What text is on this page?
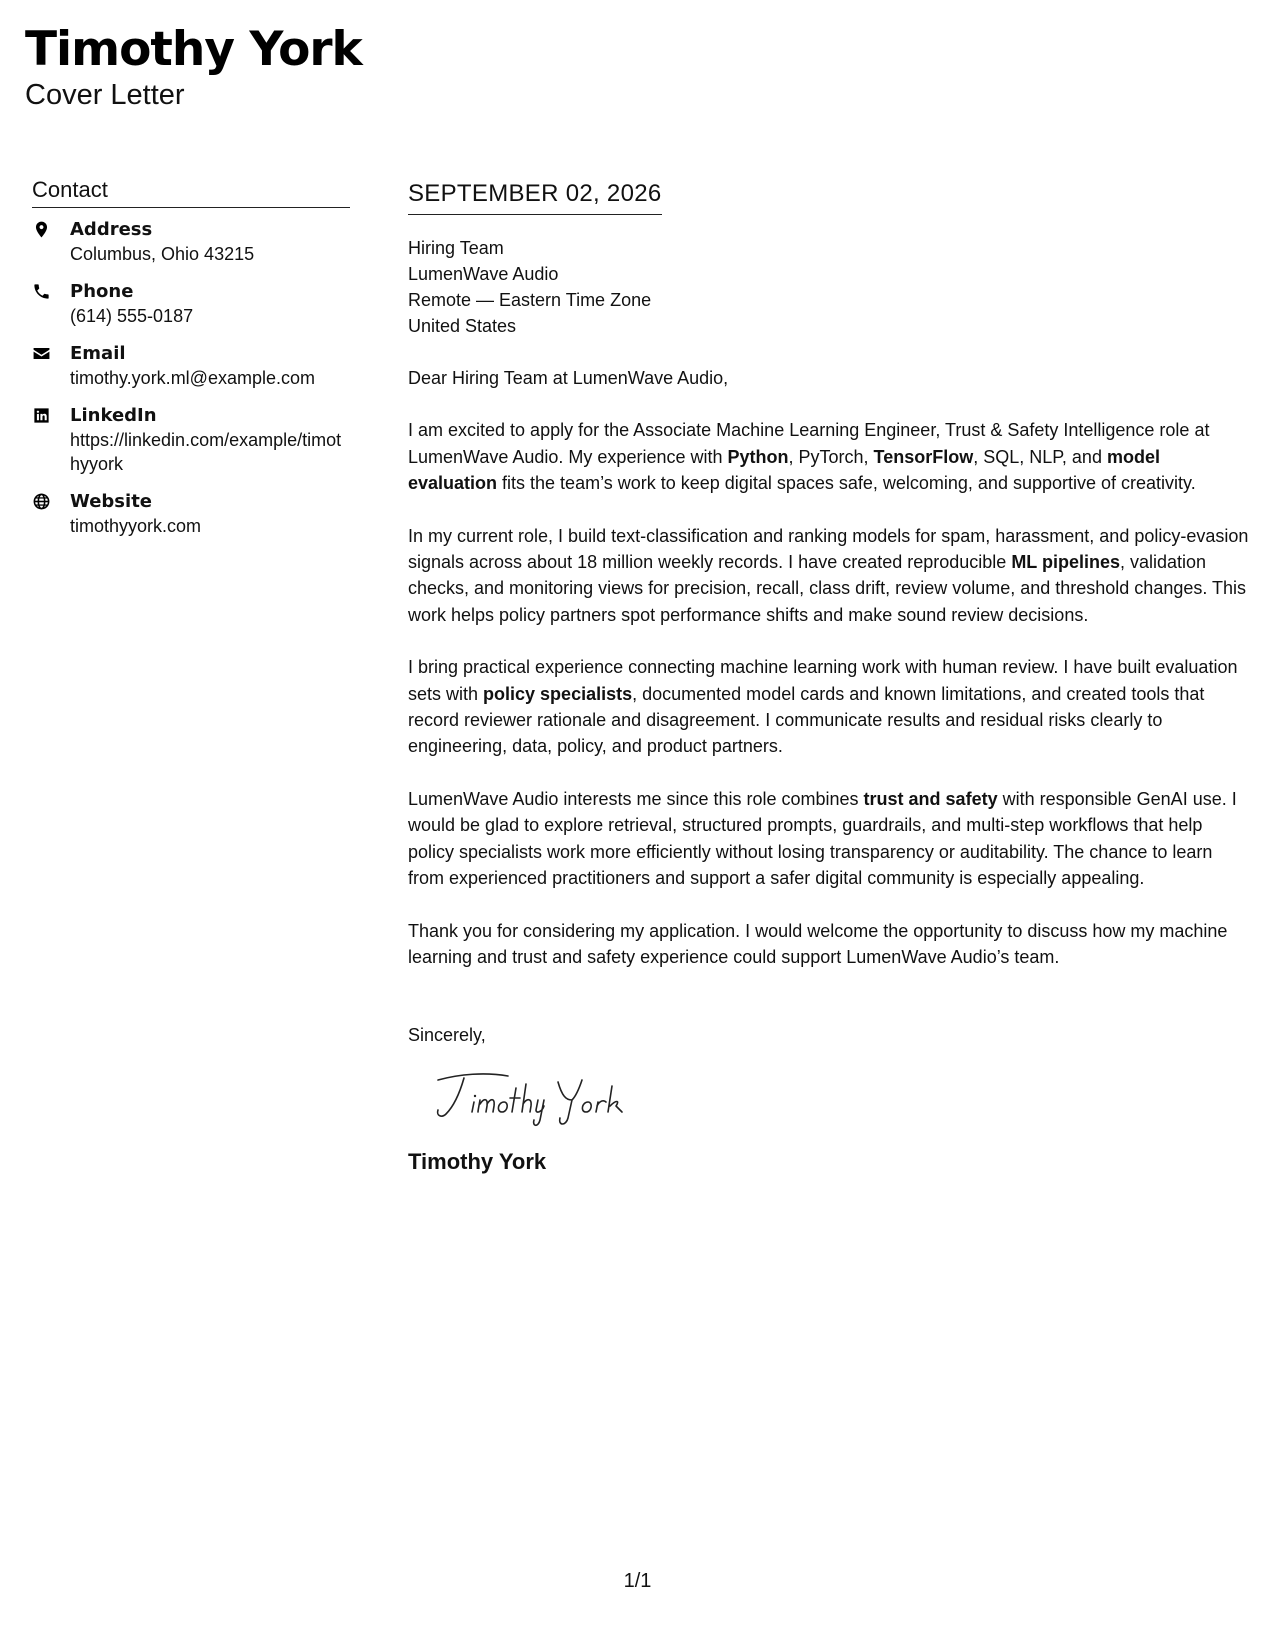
Timothy York
Cover Letter
Contact
Address
Columbus, Ohio 43215
Phone
(614) 555-0187
Email
timothy.york.ml@example.com
LinkedIn
https://linkedin.com/example/timothyyork
Website
timothyyork.com
SEPTEMBER 02, 2026
Hiring Team
LumenWave Audio
Remote — Eastern Time Zone
United States

Dear Hiring Team at LumenWave Audio,

I am excited to apply for the Associate Machine Learning Engineer, Trust & Safety Intelligence role at LumenWave Audio. My experience with Python, PyTorch, TensorFlow, SQL, NLP, and model evaluation fits the team’s work to keep digital spaces safe, welcoming, and supportive of creativity.

In my current role, I build text-classification and ranking models for spam, harassment, and policy-evasion signals across about 18 million weekly records. I have created reproducible ML pipelines, validation checks, and monitoring views for precision, recall, class drift, review volume, and threshold changes. This work helps policy partners spot performance shifts and make sound review decisions.

I bring practical experience connecting machine learning work with human review. I have built evaluation sets with policy specialists, documented model cards and known limitations, and created tools that record reviewer rationale and disagreement. I communicate results and residual risks clearly to engineering, data, policy, and product partners.

LumenWave Audio interests me since this role combines trust and safety with responsible GenAI use. I would be glad to explore retrieval, structured prompts, guardrails, and multi-step workflows that help policy specialists work more efficiently without losing transparency or auditability. The chance to learn from experienced practitioners and support a safer digital community is especially appealing.

Thank you for considering my application. I would welcome the opportunity to discuss how my machine learning and trust and safety experience could support LumenWave Audio’s team.

Sincerely,
Timothy York
1/1
